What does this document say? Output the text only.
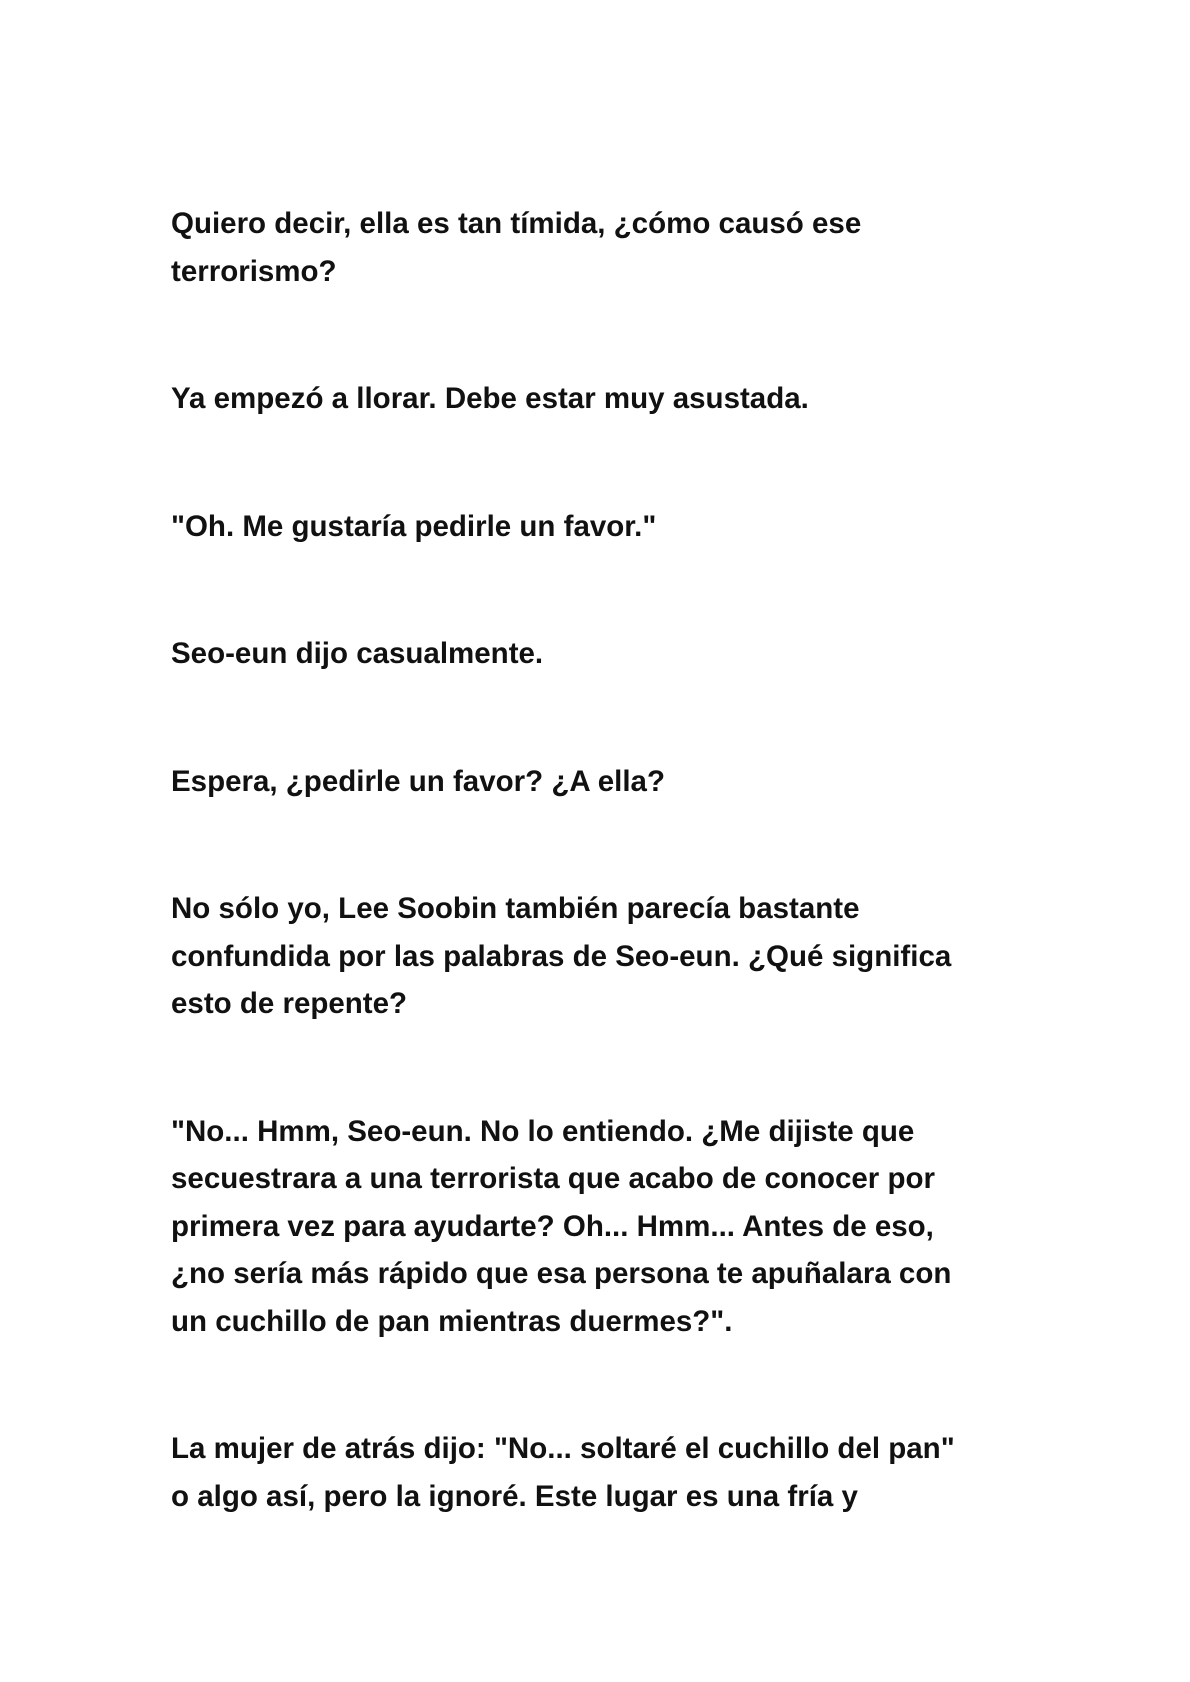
Quiero decir, ella es tan tímida, ¿cómo causó ese
terrorismo?

Ya empezó a llorar. Debe estar muy asustada.

"Oh. Me gustaría pedirle un favor."

Seo-eun dijo casualmente.

Espera, ¿pedirle un favor? ¿A ella?

No sólo yo, Lee Soobin también parecía bastante
confundida por las palabras de Seo-eun. ¿Qué significa
esto de repente?

"No... Hmm, Seo-eun. No lo entiendo. ¿Me dijiste que
secuestrara a una terrorista que acabo de conocer por
primera vez para ayudarte? Oh... Hmm... Antes de eso,
¿no sería más rápido que esa persona te apuñalara con
un cuchillo de pan mientras duermes?".

La mujer de atrás dijo: "No... soltaré el cuchillo del pan"
o algo así, pero la ignoré. Este lugar es una fría y
